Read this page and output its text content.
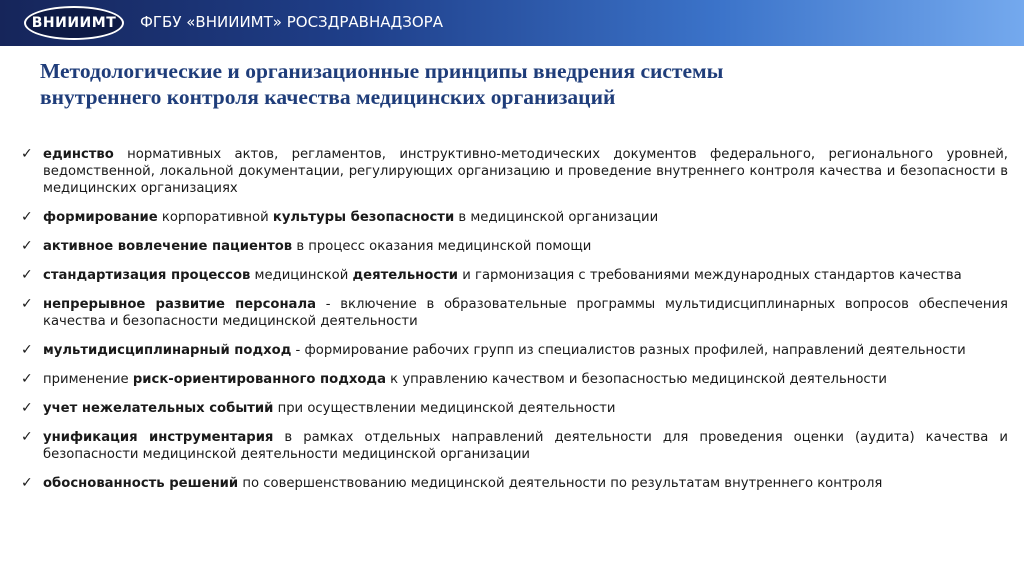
ВНИИИМТ ФГБУ «ВНИИИМТ» РОСЗДРАВНАДЗОРА
Методологические и организационные принципы внедрения системы
внутреннего контроля качества медицинских организаций
✓ единство нормативных актов, регламентов, инструктивно-методических документов федерального, регионального уровней, ведомственной, локальной документации, регулирующих организацию и проведение внутреннего контроля качества и безопасности в медицинских организациях
✓ формирование корпоративной культуры безопасности в медицинской организации
✓ активное вовлечение пациентов в процесс оказания медицинской помощи
✓ стандартизация процессов медицинской деятельности и гармонизация с требованиями международных стандартов качества
✓ непрерывное развитие персонала - включение в образовательные программы мультидисциплинарных вопросов обеспечения качества и безопасности медицинской деятельности
✓ мультидисциплинарный подход - формирование рабочих групп из специалистов разных профилей, направлений деятельности
✓ применение риск-ориентированного подхода к управлению качеством и безопасностью медицинской деятельности
✓ учет нежелательных событий при осуществлении медицинской деятельности
✓ унификация инструментария в рамках отдельных направлений деятельности для проведения оценки (аудита) качества и безопасности медицинской деятельности медицинской организации
✓ обоснованность решений по совершенствованию медицинской деятельности по результатам внутреннего контроля
